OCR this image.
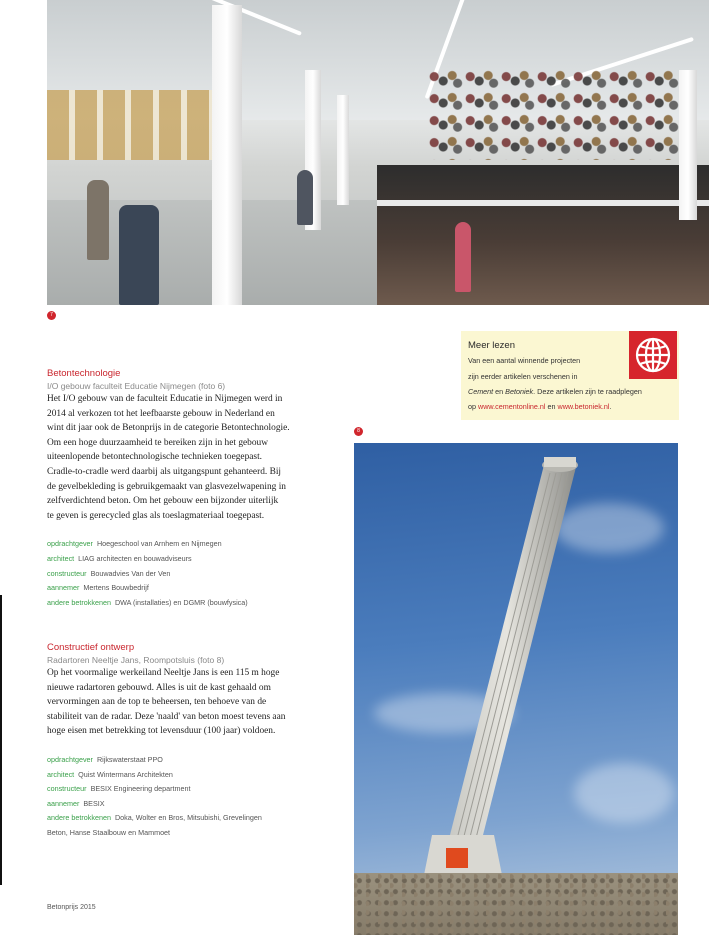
7
Betontechnologie
I/O gebouw faculteit Educatie Nijmegen (foto 6)

Het I/O gebouw van de faculteit Educatie in Nijmegen werd in
2014 al verkozen tot het leefbaarste gebouw in Nederland en
wint dit jaar ook de Betonprijs in de categorie Betontechnologie.
Om een hoge duurzaamheid te bereiken zijn in het gebouw
uiteenlopende betontechnologische technieken toegepast.
Cradle-to-cradle werd daarbij als uitgangspunt gehanteerd. Bij
de gevelbekleding is gebruikgemaakt van glasvezelwapening in
zelfverdichtend beton. Om het gebouw een bijzonder uiterlijk
te geven is gerecycled glas als toeslagmateriaal toegepast.

opdrachtgever Hoegeschool van Arnhem en Nijmegen
architect LIAG architecten en bouwadviseurs
constructeur Bouwadvies Van der Ven
aannemer Mertens Bouwbedrijf
andere betrokkenen DWA (installaties) en DGMR (bouwfysica)
Constructief ontwerp
Radartoren Neeltje Jans, Roompotsluis (foto 8)

Op het voormalige werkeiland Neeltje Jans is een 115 m hoge
nieuwe radartoren gebouwd. Alles is uit de kast gehaald om
vervormingen aan de top te beheersen, ten behoeve van de
stabiliteit van de radar. Deze 'naald' van beton moest tevens aan
hoge eisen met betrekking tot levensduur (100 jaar) voldoen.

opdrachtgever Rijkswaterstaat PPO
architect Quist Wintermans Architekten
constructeur BESIX Engineering department
aannemer BESIX
andere betrokkenen Doka, Wolter en Bros, Mitsubishi, Grevelingen
Beton, Hanse Staalbouw en Mammoet
Meer lezen
Van een aantal winnende projecten
zijn eerder artikelen verschenen in
Cement en Betoniek. Deze artikelen zijn te raadplegen
op www.cementonline.nl en www.betoniek.nl.
8
Betonprijs 2015
